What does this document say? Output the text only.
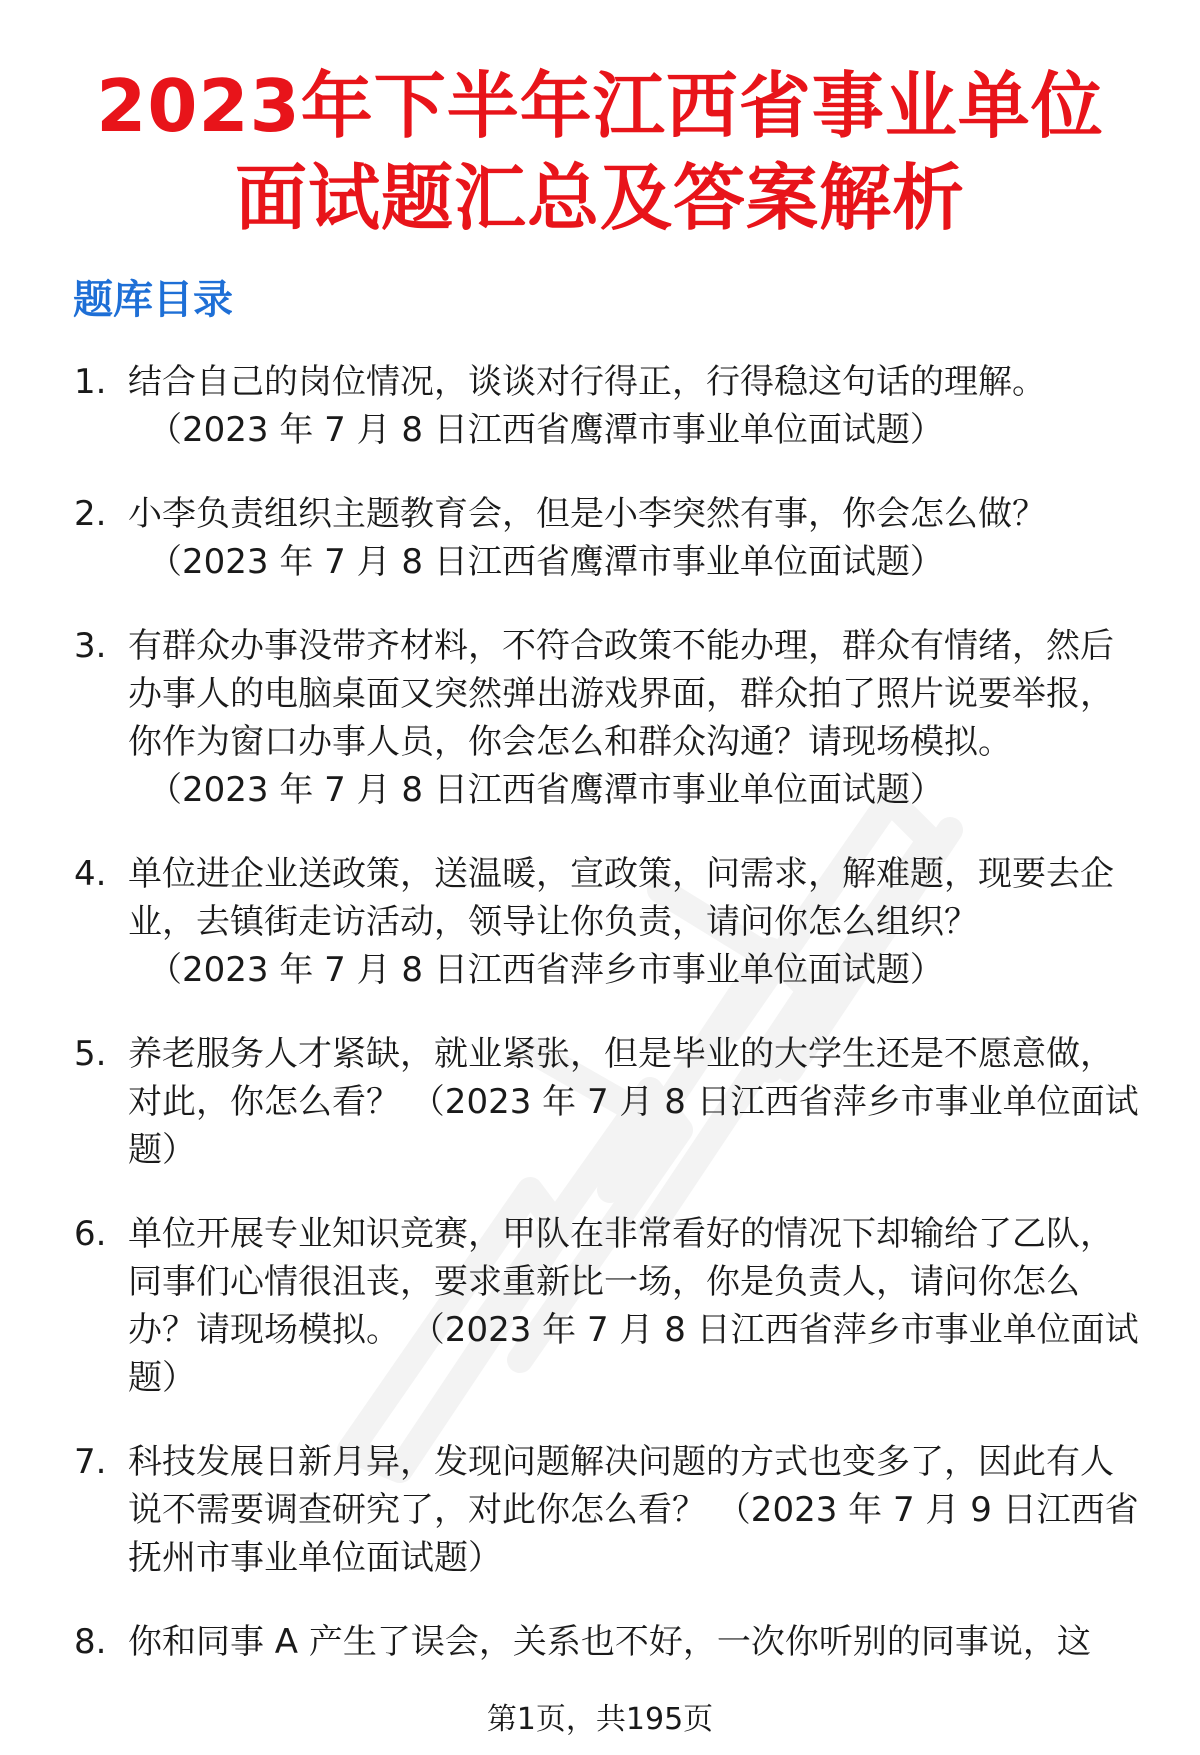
2023年下半年江西省事业单位面试题汇总及答案解析
题库目录
1. 结合自己的岗位情况，谈谈对行得正，行得稳这句话的理解。
（2023 年 7 月 8 日江西省鹰潭市事业单位面试题）
2. 小李负责组织主题教育会，但是小李突然有事，你会怎么做？
（2023 年 7 月 8 日江西省鹰潭市事业单位面试题）
3. 有群众办事没带齐材料，不符合政策不能办理，群众有情绪，然后办事人的电脑桌面又突然弹出游戏界面，群众拍了照片说要举报，你作为窗口办事人员，你会怎么和群众沟通？请现场模拟。
（2023 年 7 月 8 日江西省鹰潭市事业单位面试题）
4. 单位进企业送政策，送温暖，宣政策，问需求，解难题，现要去企业，去镇街走访活动，领导让你负责，请问你怎么组织？
（2023 年 7 月 8 日江西省萍乡市事业单位面试题）
5. 养老服务人才紧缺，就业紧张，但是毕业的大学生还是不愿意做，对此，你怎么看？ （2023 年 7 月 8 日江西省萍乡市事业单位面试题）
6. 单位开展专业知识竞赛，甲队在非常看好的情况下却输给了乙队，同事们心情很沮丧，要求重新比一场，你是负责人，请问你怎么办？请现场模拟。 （2023 年 7 月 8 日江西省萍乡市事业单位面试题）
7. 科技发展日新月异，发现问题解决问题的方式也变多了，因此有人说不需要调查研究了，对此你怎么看？ （2023 年 7 月 9 日江西省抚州市事业单位面试题）
8. 你和同事 A 产生了误会，关系也不好，一次你听别的同事说，这
第1页，共195页
